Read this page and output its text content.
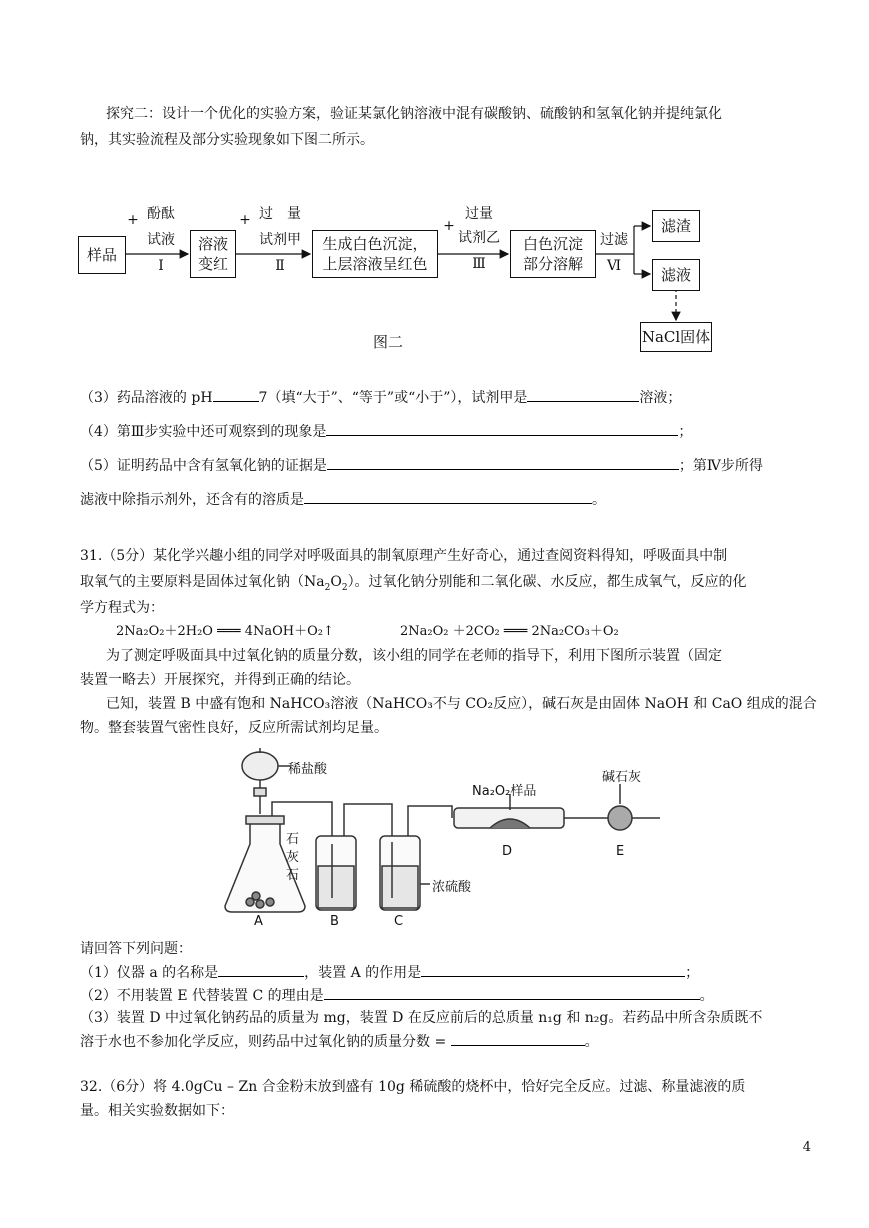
探究二：设计一个优化的实验方案，验证某氯化钠溶液中混有碳酸钠、硫酸钠和氢氧化钠并提纯氯化
钠，其实验流程及部分实验现象如下图二所示。
样品
+ 酚酞
试液
Ⅰ
溶液
变红
+ 过　量
试剂甲
Ⅱ
生成白色沉淀，
上层溶液呈红色
+
过量
试剂乙
Ⅲ
白色沉淀
部分溶解
过滤
Ⅵ
滤渣
滤液
NaCl固体
图二
（3）药品溶液的 pH	7（填“大于”、“等于”或“小于”），试剂甲是	溶液；
（4）第Ⅲ步实验中还可观察到的现象是	；
（5）证明药品中含有氢氧化钠的证据是	；第Ⅳ步所得
滤液中除指示剂外，还含有的溶质是	。
31.（5分）某化学兴趣小组的同学对呼吸面具的制氧原理产生好奇心，通过查阅资料得知，呼吸面具中制
取氧气的主要原料是固体过氧化钠$(Na_2O_2)$。过氧化钠分别能和二氧化碳、水反应，都生成氧气，反应的化
学方程式为：
2Na₂O₂＋2H₂O ═══ 4NaOH＋O₂↑	2Na₂O₂ ＋2CO₂ ═══ 2Na₂CO₃＋O₂
为了测定呼吸面具中过氧化钠的质量分数，该小组的同学在老师的指导下，利用下图所示装置（固定
装置一略去）开展探究，并得到正确的结论。
已知，装置 B 中盛有饱和 NaHCO₃溶液（NaHCO₃不与 CO₂反应），碱石灰是由固体 NaOH 和 CaO 组成的混合
物。整套装置气密性良好，反应所需试剂均足量。
稀盐酸
石
灰
石
Na₂O₂样品
碱石灰
浓硫酸
A	B	C
D	E
请回答下列问题：
（1）仪器 a 的名称是	，装置 A 的作用是	；
（2）不用装置 E 代替装置 C 的理由是	。
（3）装置 D 中过氧化钠药品的质量为 mg，装置 D 在反应前后的总质量 n₁g 和 n₂g。若药品中所含杂质既不
溶于水也不参加化学反应，则药品中过氧化钠的质量分数 =	。
32.（6分）将 4.0gCu – Zn 合金粉末放到盛有 10g 稀硫酸的烧杯中，恰好完全反应。过滤、称量滤液的质
量。相关实验数据如下：
4
